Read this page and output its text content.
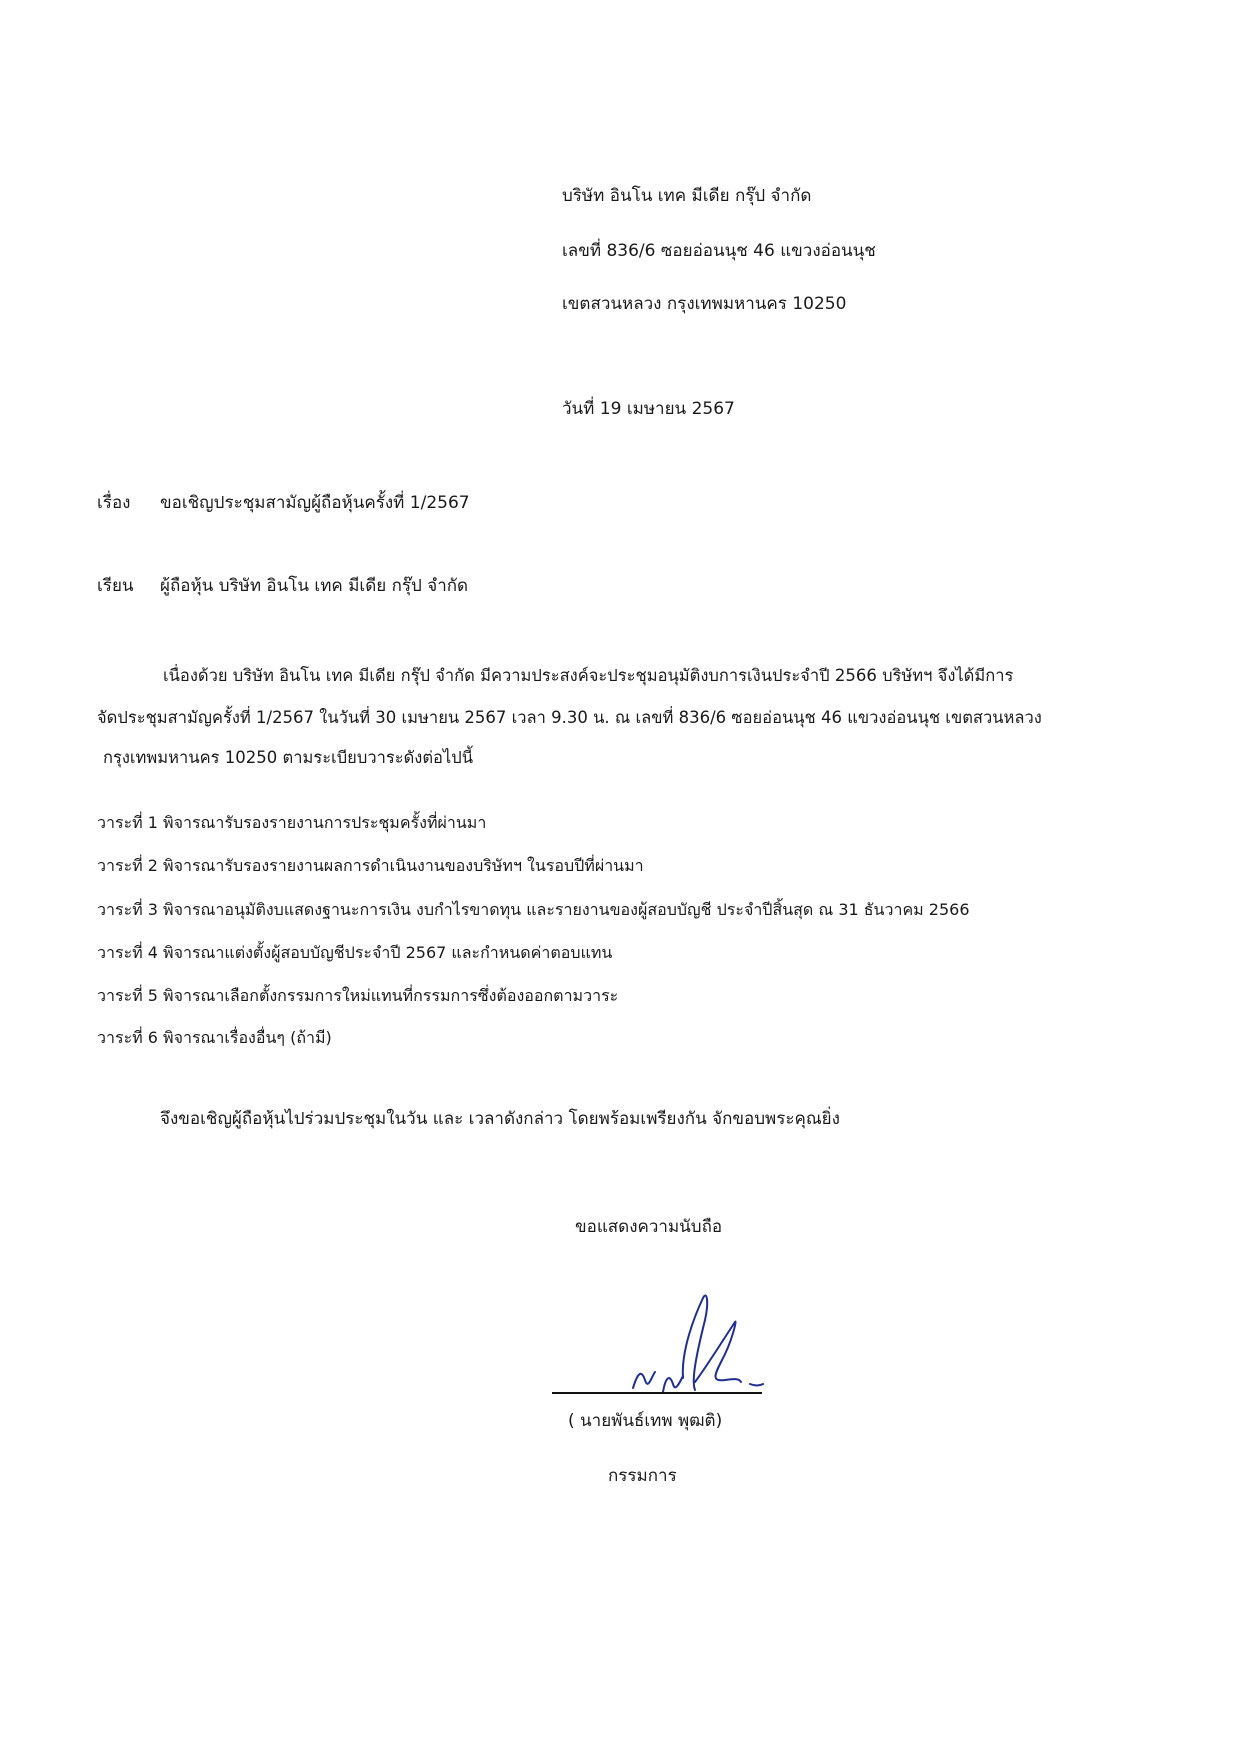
บริษัท อินโน เทค มีเดีย กรุ๊ป จำกัด
เลขที่ 836/6 ซอยอ่อนนุช 46 แขวงอ่อนนุช
เขตสวนหลวง กรุงเทพมหานคร 10250
วันที่ 19 เมษายน 2567
เรื่อง ขอเชิญประชุมสามัญผู้ถือหุ้นครั้งที่ 1/2567
เรียน ผู้ถือหุ้น บริษัท อินโน เทค มีเดีย กรุ๊ป จำกัด
เนื่องด้วย บริษัท อินโน เทค มีเดีย กรุ๊ป จำกัด มีความประสงค์จะประชุมอนุมัติงบการเงินประจำปี 2566 บริษัทฯ จึงได้มีการ
จัดประชุมสามัญครั้งที่ 1/2567 ในวันที่ 30 เมษายน 2567 เวลา 9.30 น. ณ เลขที่ 836/6 ซอยอ่อนนุช 46 แขวงอ่อนนุช เขตสวนหลวง
กรุงเทพมหานคร 10250 ตามระเบียบวาระดังต่อไปนี้
วาระที่ 1 พิจารณารับรองรายงานการประชุมครั้งที่ผ่านมา
วาระที่ 2 พิจารณารับรองรายงานผลการดำเนินงานของบริษัทฯ ในรอบปีที่ผ่านมา
วาระที่ 3 พิจารณาอนุมัติงบแสดงฐานะการเงิน งบกำไรขาดทุน และรายงานของผู้สอบบัญชี ประจำปีสิ้นสุด ณ 31 ธันวาคม 2566
วาระที่ 4 พิจารณาแต่งตั้งผู้สอบบัญชีประจำปี 2567 และกำหนดค่าตอบแทน
วาระที่ 5 พิจารณาเลือกตั้งกรรมการใหม่แทนที่กรรมการซึ่งต้องออกตามวาระ
วาระที่ 6 พิจารณาเรื่องอื่นๆ (ถ้ามี)
จึงขอเชิญผู้ถือหุ้นไปร่วมประชุมในวัน และ เวลาดังกล่าว โดยพร้อมเพรียงกัน จักขอบพระคุณยิ่ง
ขอแสดงความนับถือ
( นายพันธ์เทพ พุฒติ)
กรรมการ
